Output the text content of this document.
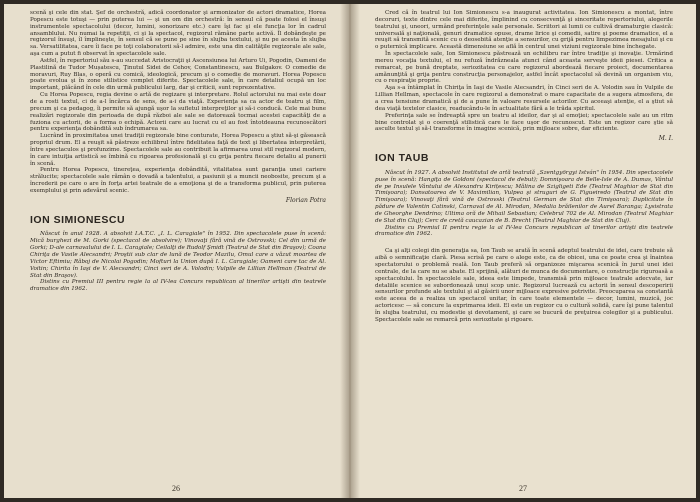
scenă şi cele din stat. Şef de orchestră, adică coordonator şi armonizator de actori dramatice, Horea Popescu este totuşi — prin puterea lui — şi un om din orchestră: în sensul că poate folosi el însuşi instrumentele spectacolului (decor, lumini, sonorizare etc.) care îşi fac şi ele funcţia lor în cadrul ansamblului. Nu numai la repetiţii, ci şi la spectacol, regizorul rămâne parte activă. Îl dobândeşte pe regizorul însuşi, îl împlineşte, în sensul că se pune pe sine în slujba textului, şi nu pe acesta în slujba sa. Versatilitatea, care îi face pe toţi colaboratorii să-l admire, este una din calităţile regizorale ale sale, aşa cum a putut fi observat în spectacolele sale.

Astfel, în repertoriul său s-au succedat Aristocraţii şi Ascensiunea lui Arturo Ui, Pogodin, Oameni de Plastilină de Tudor Mușatescu, Ţinutul Sidei de Cehov, Constantinescu, sau Bulgakov. O comedie de moravuri, Ruy Blas, o operă cu comică, ideologică, precum şi o comedie de moravuri. Horea Popescu poate evolua şi în zone stilistice complet diferite. Spectacolele sale, în care detaliul ocupă un loc important, plăcând în cele din urmă publicului larg, dar şi criticii, sunt reprezentative.

Cu Horea Popescu, regia devine o artă de regizare şi interpretare. Rolul actorului nu mai este doar de a rosti textul, ci de a-l încărca de sens, de a-i da viaţă. Experienţa sa ca actor de teatru şi film, precum şi ca pedagog, îi permite să ajungă uşor la sufletul interpreţilor şi să-i conducă. Cele mai bune realizări regizorale din perioada de după război ale sale se datorează tocmai acestei capacităţi de a fuziona cu actorii, de a forma o echipă. Actorii care au lucrat cu el au fost întotdeauna recunoscători pentru experienţa dobândită sub îndrumarea sa.

Lucrând în proximitatea unei tradiţii regizorale bine conturate, Horea Popescu a ştiut să-şi găsească propriul drum. El a reuşit să păstreze echilibrul între fidelitatea faţă de text şi libertatea interpretării, între spectaculos şi profunzime. Spectacolele sale au contribuit la afirmarea unui stil regizoral modern, în care intuiţia artistică se îmbină cu rigoarea profesională şi cu grija pentru fiecare detaliu al punerii în scenă.

Pentru Horea Popescu, tinereţea, experienţa dobândită, vitalitatea sunt garanţia unei cariere strălucite; spectacolele sale rămân o dovadă a talentului, a pasiunii şi a muncii neobosite, precum şi a încrederii pe care o are în forţa artei teatrale de a emoţiona şi de a transforma publicul, prin puterea exemplului şi prin adevărul scenic.

Florian Potra
ION SIMIONESCU

Născut în anul 1928. A absolvit I.A.T.C. „I. L. Caragiale" în 1952. Din spectacolele puse în scenă: Mică burghezi de M. Gorki (spectacol de absolvire); Vinovaţi fără vină de Ostrovski; Cel din urmă de Gorki; D-ale carnavalului de I. L. Caragiale; Ceilalţi de Rudolf Şmidt (Teatrul de Stat din Braşov); Coana Chiriţa de Vasile Alecsandri; Proştii sub clar de lună de Teodor Mazilu, Omul care a văzut moartea de Victor Eftimiu; Răboj de Nicolai Pogodin; Mofturi la Union după I. L. Caragiale; Oameni care tac de Al. Voitin; Chirita în Iaşi de V. Alecsandri; Cinci seri de A. Volodin; Vulpile de Lillian Hellman (Teatrul de Stat din Braşov).

Distins cu Premiul III pentru regie la al IV-lea Concurs republican al tinerilor artişti din teatrele dramatice din 1962.

26

Cred că în teatrul lui Ion Simionescu s-a inaugurat activitatea. Ion Simionescu a montat, între decoruri, texte dintre cele mai diferite, împlinind cu consecvenţă şi sinceritate repertoriului, alegerile teatrului şi, uneori, urmând preferinţele sale personale. Scriitori ai lumii ce cultivă dramaturgie clasică: universală şi naţională, genuri dramatice opuse, drame lirice şi comedii, satire şi poeme dramatice, el a reuşit să transmită scenic cu o deosebită atenţie a sensurilor, cu grijă pentru limpezimea mesajului şi cu o puternică implicare. Această dimensiune se află în centrul unei viziuni regizorale bine închegate.

În spectacolele sale, Ion Simionescu păstrează un echilibru rar între tradiţie şi inovaţie. Urmărind mereu vocaţia textului, el nu refuză îndrăzneala atunci când aceasta serveşte ideii piesei. Critica a remarcat, pe bună dreptate, seriozitatea cu care regizorul abordează fiecare proiect, documentarea amănunţită şi grija pentru construcţia personajelor, astfel încât spectacolul să devină un organism viu, cu o respiraţie proprie.

Aşa s-a întâmplat în Chiriţa în Iaşi de Vasile Alecsandri, în Cinci seri de A. Volodin sau în Vulpile de Lillian Hellman, spectacole în care regizorul a demonstrat o mare capacitate de a sugera atmosfera, de a crea tensiune dramatică şi de a pune în valoare resursele actorilor. Cu aceeaşi atenţie, el a ştiut să dea viaţă textelor clasice, readucându-le în actualitate fără a le trăda spiritul.

Preferinţa sale se îndreaptă spre un teatru al ideilor, dar şi al emoţiei; spectacolele sale au un ritm bine controlat şi o coerenţă stilistică care le face uşor de recunoscut. Este un regizor care ştie să asculte textul şi să-l transforme în imagine scenică, prin mijloace sobre, dar eficiente.

M. I.
ION TAUB

Născut în 1927. A absolvit Institutul de artă teatrală „Szentgyörgyi István" în 1954. Din spectacolele puse în scenă: Hangiţa de Goldoni (spectacol de debut); Domnişoara de Belle-Isle de A. Dumas, Vântul de pe Insulele Vântului de Alexandru Kirițescu; Mălina de Szigligeti Ede (Teatrul Maghiar de Stat din Timişoara); Dansatoarea de V. Maximilian, Vulpea şi struguri de G. Figueiredo (Teatrul de Stat din Timişoara); Vinovaţi fără vină de Ostrovski (Teatrul German de Stat din Timişoara); Duplicitate în pădure de Valentin Catinski, Carnaval de Al. Mirodan, Medalia brăilenilor de Aurel Baranga; Lysistrata de Gheorghe Dendrino; Ultima oră de Mihail Sebastian; Celebrul 702 de Al. Mirodan (Teatrul Maghiar de Stat din Cluj); Cerc de cretă caucazian de B. Brecht (Teatrul Maghiar de Stat din Cluj).

Distins cu Premiul II pentru regie la al IV-lea Concurs republican al tinerilor artişti din teatrele dramatice din 1962.

Ca şi alţi colegi din generaţia sa, Ion Taub se arată în scenă adeptul teatrului de idei, care trebuie să aibă o semnificaţie clară. Piesa scrisă pe care o alege este, ca de obicei, una ce poate crea şi înaintea spectatorului o problemă reală. Ion Taub preferă să organizeze mişcarea scenică în jurul unei idei centrale, de la care nu se abate. El sprijină, alături de munca de documentare, o construcţie riguroasă a spectacolului. În spectacolele sale, ideea este limpede, transmisă prin mijloace teatrale adecvate, iar detaliile scenice se subordonează unui scop unic. Regizorul lucrează cu actorii în sensul descoperirii sensurilor profunde ale textului şi al găsirii unor mijloace expresive potrivite. Preocuparea sa constantă este aceea de a realiza un spectacol unitar, în care toate elementele — decor, lumini, muzică, joc actoricesc — să concure la exprimarea ideii. El este un regizor cu o cultură solidă, care îşi pune talentul în slujba teatrului, cu modestie şi devotament, şi care se bucură de preţuirea colegilor şi a publicului. Spectacolele sale se remarcă prin seriozitate şi rigoare.

27
